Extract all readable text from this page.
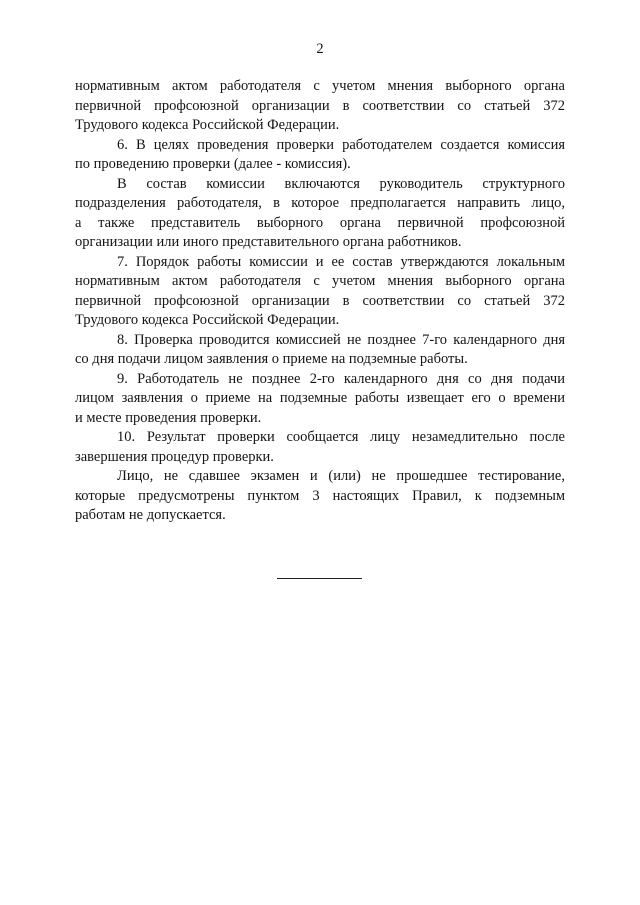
2
нормативным актом работодателя с учетом мнения выборного органа
первичной профсоюзной организации в соответствии со статьей 372
Трудового кодекса Российской Федерации.
6. В целях проведения проверки работодателем создается комиссия
по проведению проверки (далее - комиссия).
В состав комиссии включаются руководитель структурного
подразделения работодателя, в которое предполагается направить лицо,
а также представитель выборного органа первичной профсоюзной
организации или иного представительного органа работников.
7. Порядок работы комиссии и ее состав утверждаются локальным
нормативным актом работодателя с учетом мнения выборного органа
первичной профсоюзной организации в соответствии со статьей 372
Трудового кодекса Российской Федерации.
8. Проверка проводится комиссией не позднее 7-го календарного дня
со дня подачи лицом заявления о приеме на подземные работы.
9. Работодатель не позднее 2-го календарного дня со дня подачи
лицом заявления о приеме на подземные работы извещает его о времени
и месте проведения проверки.
10. Результат проверки сообщается лицу незамедлительно после
завершения процедур проверки.
Лицо, не сдавшее экзамен и (или) не прошедшее тестирование,
которые предусмотрены пунктом 3 настоящих Правил, к подземным
работам не допускается.
